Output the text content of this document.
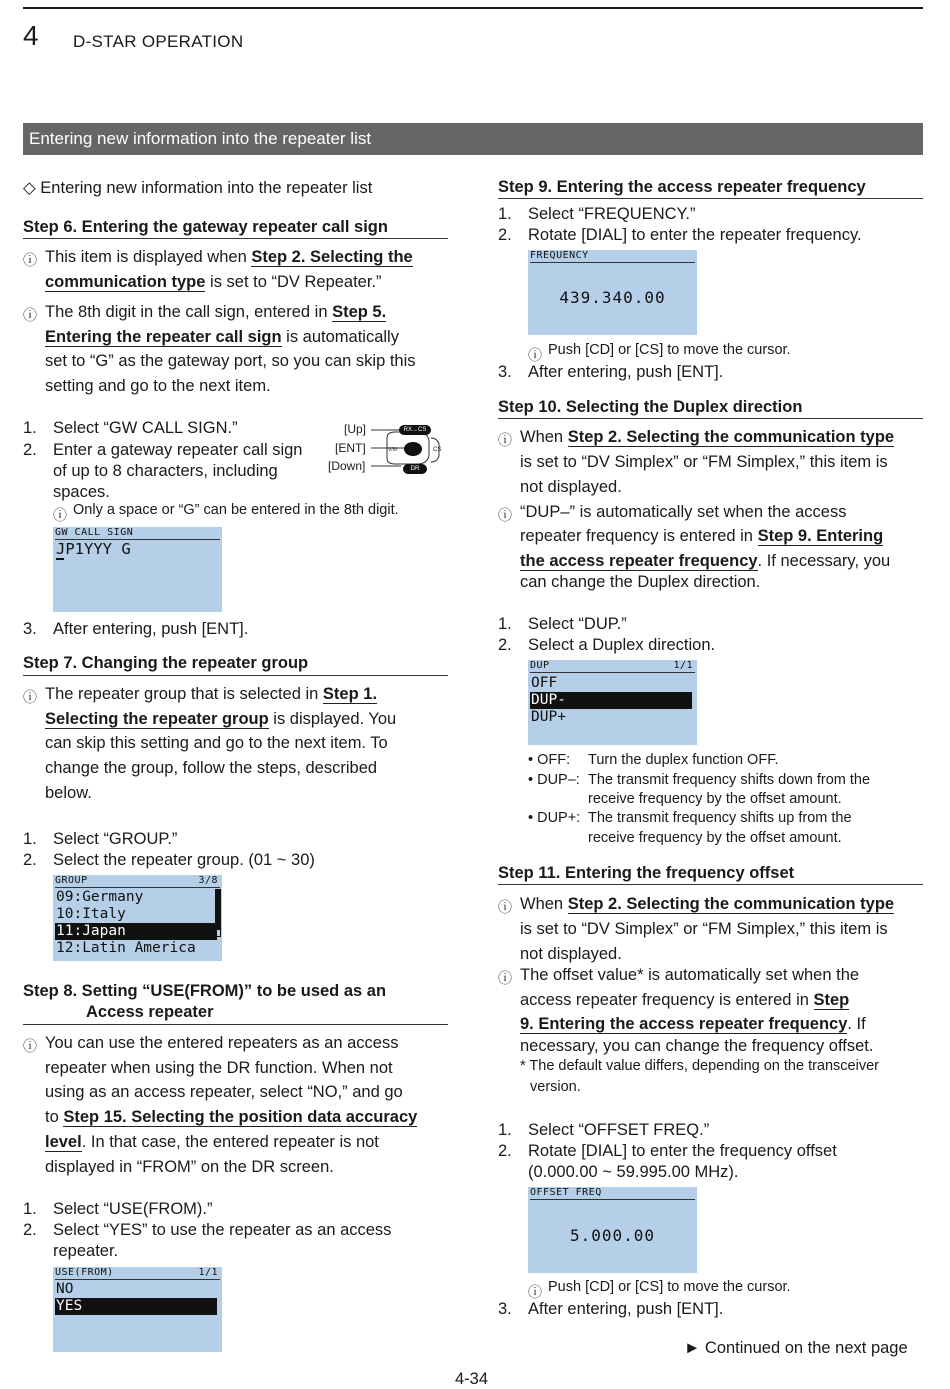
4 D-STAR OPERATION
Entering new information into the repeater list
◇ Entering new information into the repeater list
Step 6. Entering the gateway repeater call sign
ⓘ This item is displayed when Step 2. Selecting the
communication type is set to “DV Repeater.”
ⓘ The 8th digit in the call sign, entered in Step 5.
Entering the repeater call sign is automatically
set to “G” as the gateway port, so you can skip this
setting and go to the next item.
1. Select “GW CALL SIGN.”
2. Enter a gateway repeater call sign
of up to 8 characters, including
spaces.
[Up]
[ENT]
[Down]
RX→CS
DR
CS
V/M
ⓘ Only a space or “G” can be entered in the 8th digit.
GW CALL SIGN
JP1YYY G
3. After entering, push [ENT].
Step 7. Changing the repeater group
ⓘ The repeater group that is selected in Step 1.
Selecting the repeater group is displayed. You
can skip this setting and go to the next item. To
change the group, follow the steps, described
below.
1. Select “GROUP.”
2. Select the repeater group. (01 ~ 30)
GROUP	3/8
09:Germany
10:Italy
11:Japan
12:Latin America
Step 8. Setting “USE(FROM)” to be used as an
Access repeater
ⓘ You can use the entered repeaters as an access
repeater when using the DR function. When not
using as an access repeater, select “NO,” and go
to Step 15. Selecting the position data accuracy
level. In that case, the entered repeater is not
displayed in “FROM” on the DR screen.
1. Select “USE(FROM).”
2. Select “YES” to use the repeater as an access
repeater.
USE(FROM)	1/1
NO
YES
Step 9. Entering the access repeater frequency
1. Select “FREQUENCY.”
2. Rotate [DIAL] to enter the repeater frequency.
FREQUENCY
439.340.00
ⓘ Push [CD] or [CS] to move the cursor.
3. After entering, push [ENT].
Step 10. Selecting the Duplex direction
ⓘ When Step 2. Selecting the communication type
is set to “DV Simplex” or “FM Simplex,” this item is
not displayed.
ⓘ “DUP–” is automatically set when the access
repeater frequency is entered in Step 9. Entering
the access repeater frequency. If necessary, you
can change the Duplex direction.
1. Select “DUP.”
2. Select a Duplex direction.
DUP	1/1
OFF
DUP-
DUP+
• OFF: Turn the duplex function OFF.
• DUP–: The transmit frequency shifts down from the
receive frequency by the offset amount.
• DUP+: The transmit frequency shifts up from the
receive frequency by the offset amount.
Step 11. Entering the frequency offset
ⓘ When Step 2. Selecting the communication type
is set to “DV Simplex” or “FM Simplex,” this item is
not displayed.
ⓘ The offset value* is automatically set when the
access repeater frequency is entered in Step
9. Entering the access repeater frequency. If
necessary, you can change the frequency offset.
* The default value differs, depending on the transceiver
version.
1. Select “OFFSET FREQ.”
2. Rotate [DIAL] to enter the frequency offset
(0.000.00 ~ 59.995.00 MHz).
OFFSET FREQ
5.000.00
ⓘ Push [CD] or [CS] to move the cursor.
3. After entering, push [ENT].
► Continued on the next page
4-34
